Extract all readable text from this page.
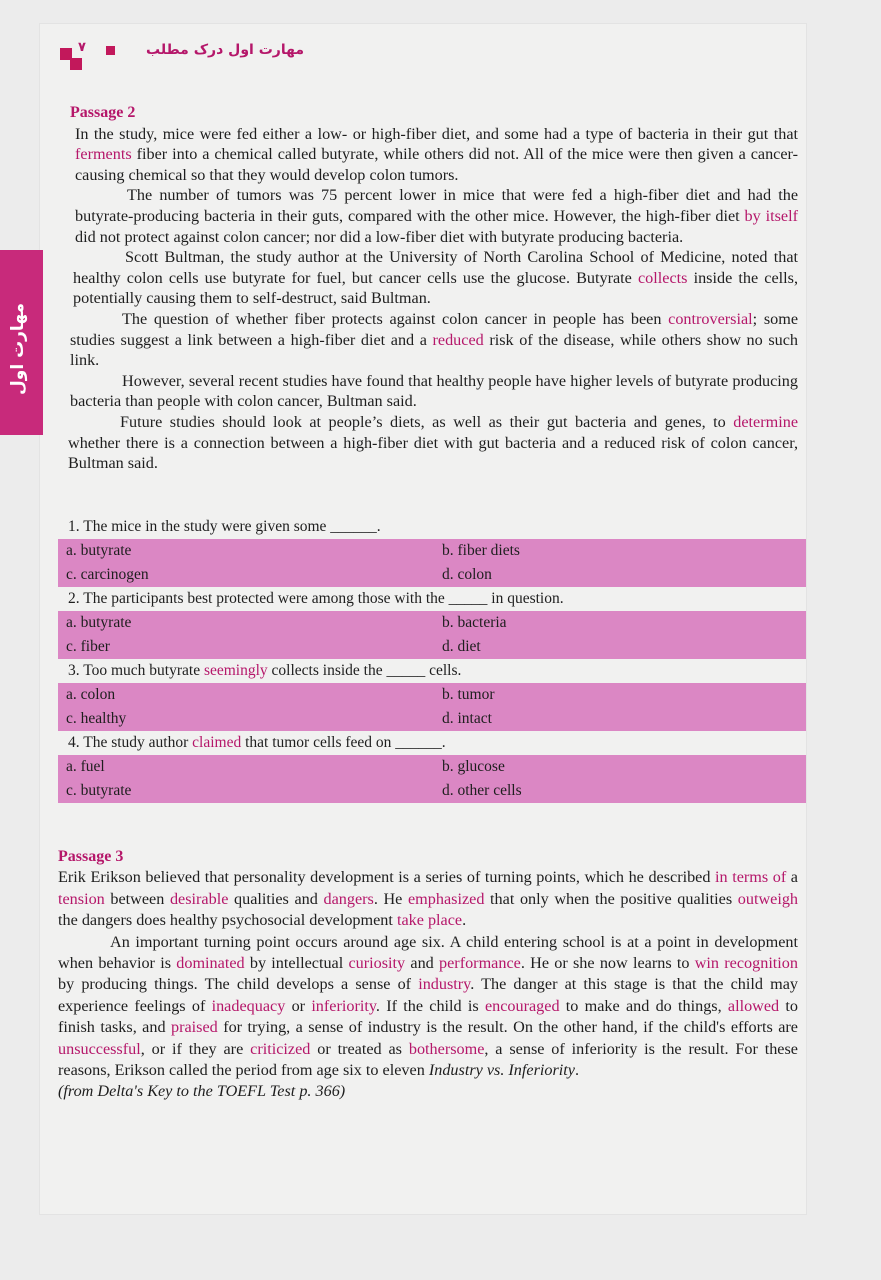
۷	مهارت اول درک مطلب
مهارت اول
Passage 2

In the study, mice were fed either a low- or high-fiber diet, and some had a type of bacteria in their gut that ferments fiber into a chemical called butyrate, while others did not. All of the mice were then given a cancer-causing chemical so that they would develop colon tumors.

The number of tumors was 75 percent lower in mice that were fed a high-fiber diet and had the butyrate-producing bacteria in their guts, compared with the other mice. However, the high-fiber diet by itself did not protect against colon cancer; nor did a low-fiber diet with butyrate producing bacteria.

Scott Bultman, the study author at the University of North Carolina School of Medicine, noted that healthy colon cells use butyrate for fuel, but cancer cells use the glucose. Butyrate collects inside the cells, potentially causing them to self-destruct, said Bultman.

The question of whether fiber protects against colon cancer in people has been controversial; some studies suggest a link between a high-fiber diet and a reduced risk of the disease, while others show no such link.

However, several recent studies have found that healthy people have higher levels of butyrate producing bacteria than people with colon cancer, Bultman said.

Future studies should look at people’s diets, as well as their gut bacteria and genes, to determine whether there is a connection between a high-fiber diet with gut bacteria and a reduced risk of colon cancer, Bultman said.

1. The mice in the study were given some ______.
a. butyrate	b. fiber diets
c. carcinogen	d. colon
2. The participants best protected were among those with the _____ in question.
a. butyrate	b. bacteria
c. fiber	d. diet
3. Too much butyrate seemingly collects inside the _____ cells.
a. colon	b. tumor
c. healthy	d. intact
4. The study author claimed that tumor cells feed on ______.
a. fuel	b. glucose
c. butyrate	d. other cells
Passage 3

Erik Erikson believed that personality development is a series of turning points, which he described in terms of a tension between desirable qualities and dangers. He emphasized that only when the positive qualities outweigh the dangers does healthy psychosocial development take place.

An important turning point occurs around age six. A child entering school is at a point in development when behavior is dominated by intellectual curiosity and performance. He or she now learns to win recognition by producing things. The child develops a sense of industry. The danger at this stage is that the child may experience feelings of inadequacy or inferiority. If the child is encouraged to make and do things, allowed to finish tasks, and praised for trying, a sense of industry is the result. On the other hand, if the child's efforts are unsuccessful, or if they are criticized or treated as bothersome, a sense of inferiority is the result. For these reasons, Erikson called the period from age six to eleven Industry vs. Inferiority.

(from Delta's Key to the TOEFL Test p. 366)
